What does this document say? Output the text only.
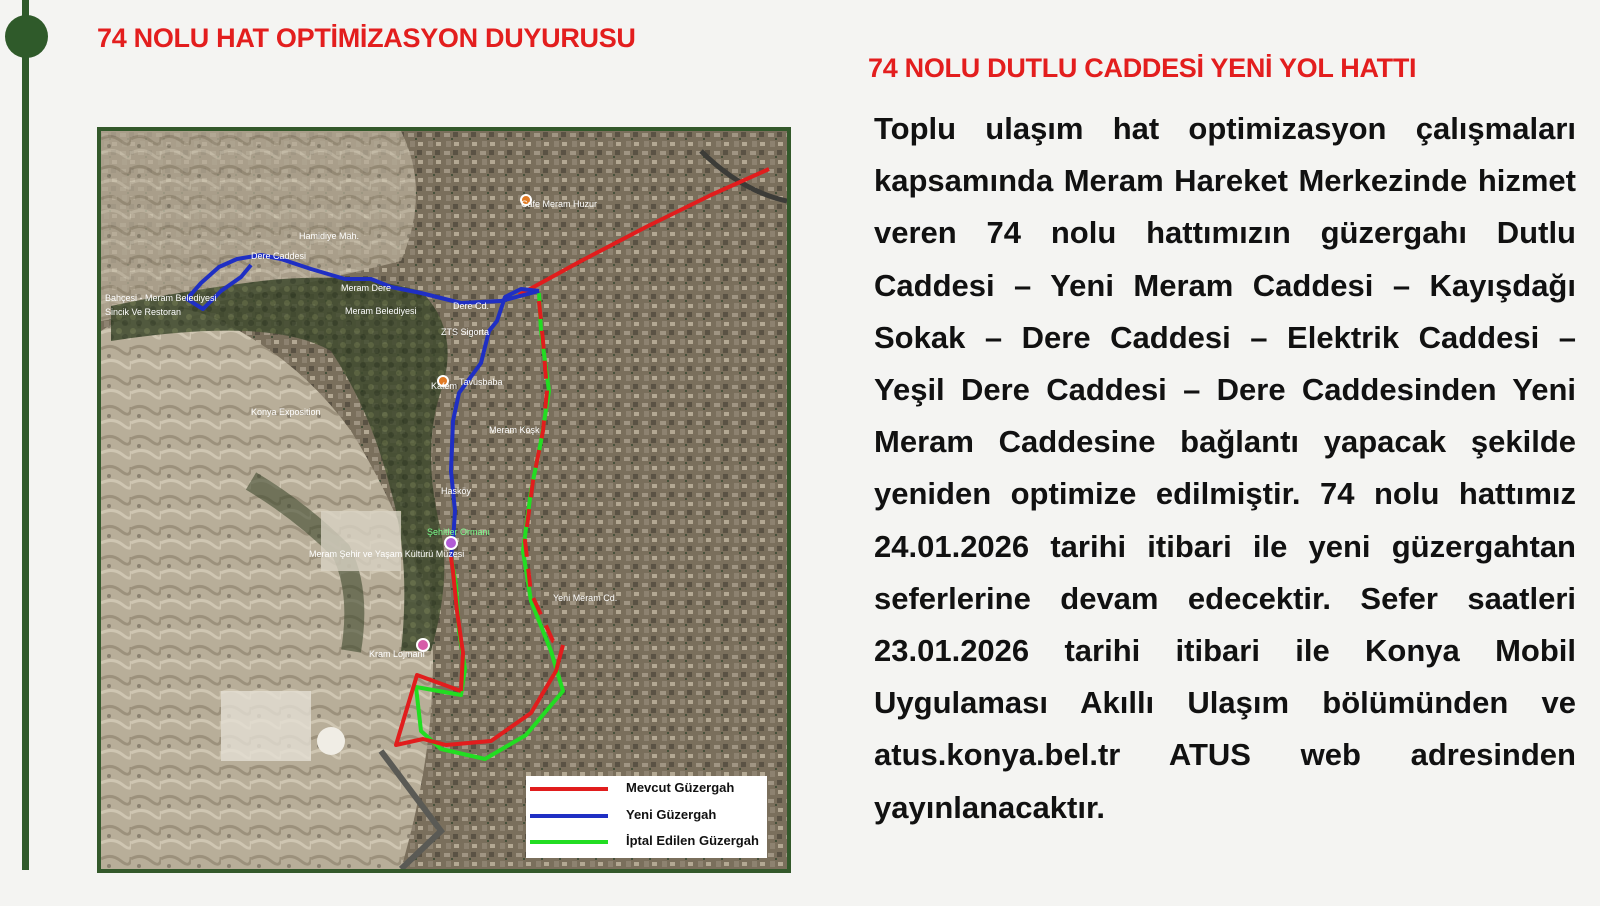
74 NOLU HAT OPTİMİZASYON DUYURUSU
74 NOLU DUTLU CADDESİ YENİ YOL HATTI
Dere Caddesi
Hamidiye Mah.
Meram Dere
Meram Belediyesi	Dere Cd.
ZTS Sigorta
Kafem Tavusbaba
Meram Köşk
Hasköy
Şehitler Ormanı
Meram Şehir ve Yaşam Kültürü Müzesi
Kram Lojmanı
Yeni Meram Cd.
Konya Exposition
Cafe Meram Huzur
Bahçesi - Meram Belediyesi
Sincik Ve Restoran
Mevcut Güzergah
Yeni Güzergah
İptal Edilen Güzergah

Toplu ulaşım hat optimizasyon çalışmaları kapsamında Meram Hareket Merkezinde hizmet veren 74 nolu hattımızın güzergahı Dutlu Caddesi – Yeni Meram Caddesi – Kayışdağı Sokak – Dere Caddesi – Elektrik Caddesi – Yeşil Dere Caddesi – Dere Caddesinden Yeni Meram Caddesine bağlantı yapacak şekilde yeniden optimize edilmiştir. 74 nolu hattımız 24.01.2026 tarihi itibari ile yeni güzergahtan seferlerine devam edecektir. Sefer saatleri 23.01.2026 tarihi itibari ile Konya Mobil Uygulaması Akıllı Ulaşım bölümünden ve atus.konya.bel.tr ATUS web adresinden yayınlanacaktır.
